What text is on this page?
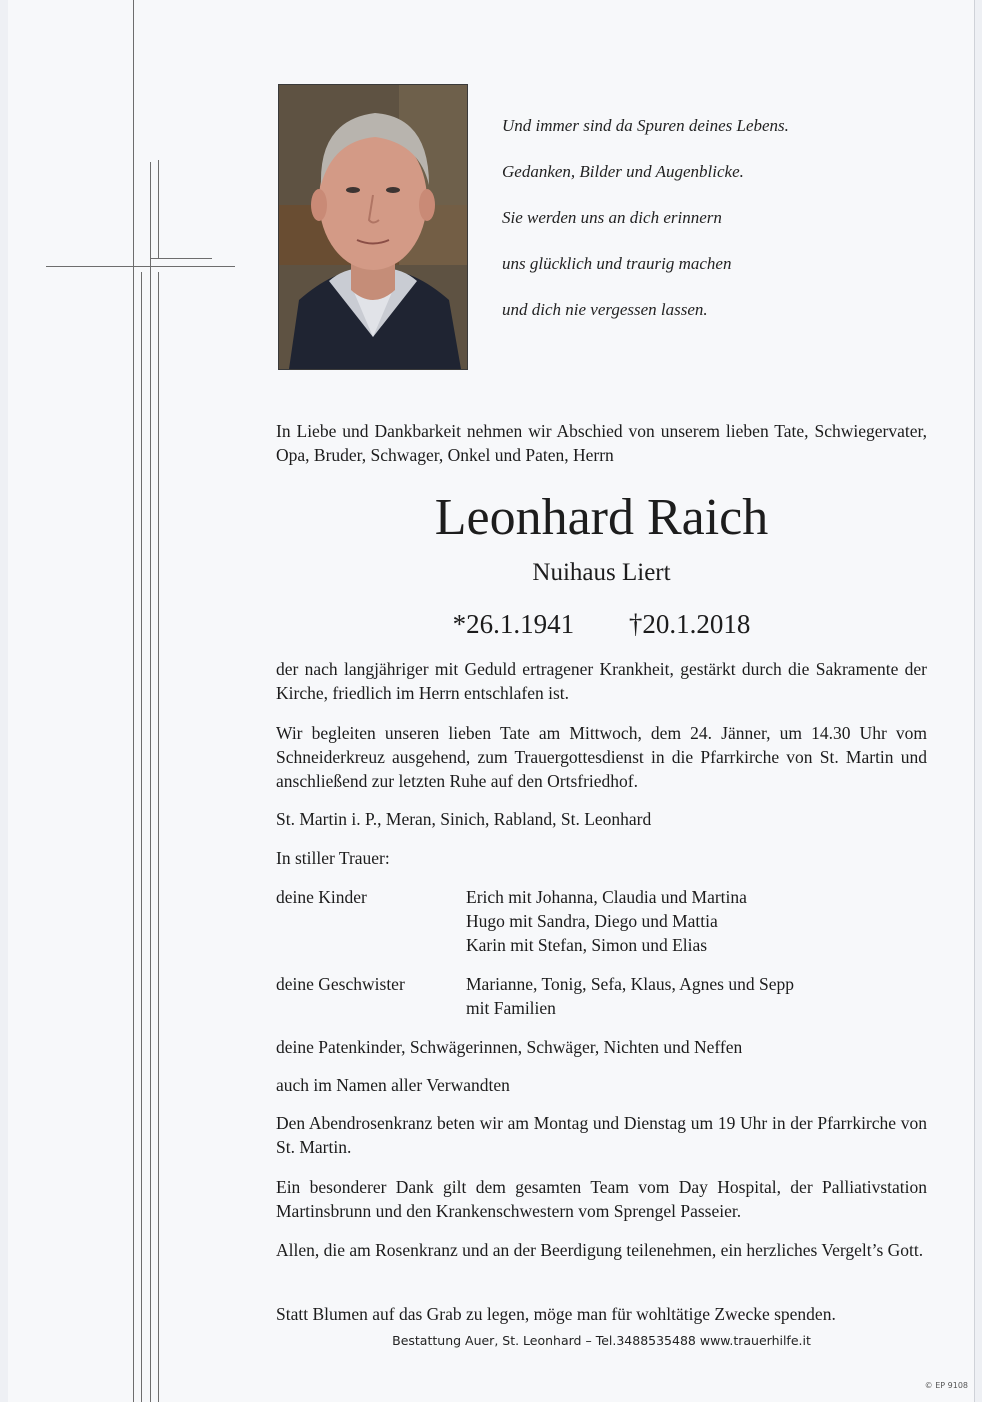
Und immer sind da Spuren deines Lebens.

Gedanken, Bilder und Augenblicke.

Sie werden uns an dich erinnern

uns glücklich und traurig machen

und dich nie vergessen lassen.

In Liebe und Dankbarkeit nehmen wir Abschied von unserem lieben Tate, Schwiegervater, Opa, Bruder, Schwager, Onkel und Paten, Herrn
Leonhard Raich
Nuihaus Liert
*26.1.1941 †20.1.2018
der nach langjähriger mit Geduld ertragener Krankheit, gestärkt durch die Sakramente der Kirche, friedlich im Herrn entschlafen ist.
Wir begleiten unseren lieben Tate am Mittwoch, dem 24. Jänner, um 14.30 Uhr vom Schneiderkreuz ausgehend, zum Trauergottesdienst in die Pfarrkirche von St. Martin und anschließend zur letzten Ruhe auf den Ortsfriedhof.
St. Martin i. P., Meran, Sinich, Rabland, St. Leonhard
In stiller Trauer:
deine Kinder	Erich mit Johanna, Claudia und Martina
Hugo mit Sandra, Diego und Mattia
Karin mit Stefan, Simon und Elias
deine Geschwister	Marianne, Tonig, Sefa, Klaus, Agnes und Sepp
mit Familien
deine Patenkinder, Schwägerinnen, Schwäger, Nichten und Neffen
auch im Namen aller Verwandten
Den Abendrosenkranz beten wir am Montag und Dienstag um 19 Uhr in der Pfarrkirche von St. Martin.
Ein besonderer Dank gilt dem gesamten Team vom Day Hospital, der Palliativstation Martinsbrunn und den Krankenschwestern vom Sprengel Passeier.
Allen, die am Rosenkranz und an der Beerdigung teilenehmen, ein herzliches Vergelt’s Gott.
Statt Blumen auf das Grab zu legen, möge man für wohltätige Zwecke spenden.
Bestattung Auer, St. Leonhard – Tel.3488535488 www.trauerhilfe.it
© EP 9108
